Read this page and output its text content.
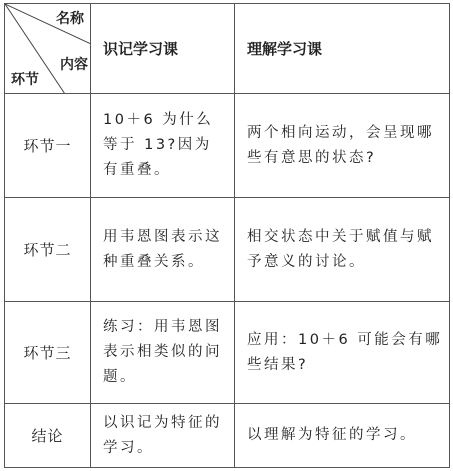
名称
内容
环节	识记学习课	理解学习课
环节一	10＋6 为什么等于 13?因为有重叠。	两个相向运动，会呈现哪些有意思的状态?
环节二	用韦恩图表示这种重叠关系。	相交状态中关于赋值与赋予意义的讨论。
环节三	练习：用韦恩图表示相类似的问题。	应用：10＋6 可能会有哪些结果?
结论	以识记为特征的学习。	以理解为特征的学习。
